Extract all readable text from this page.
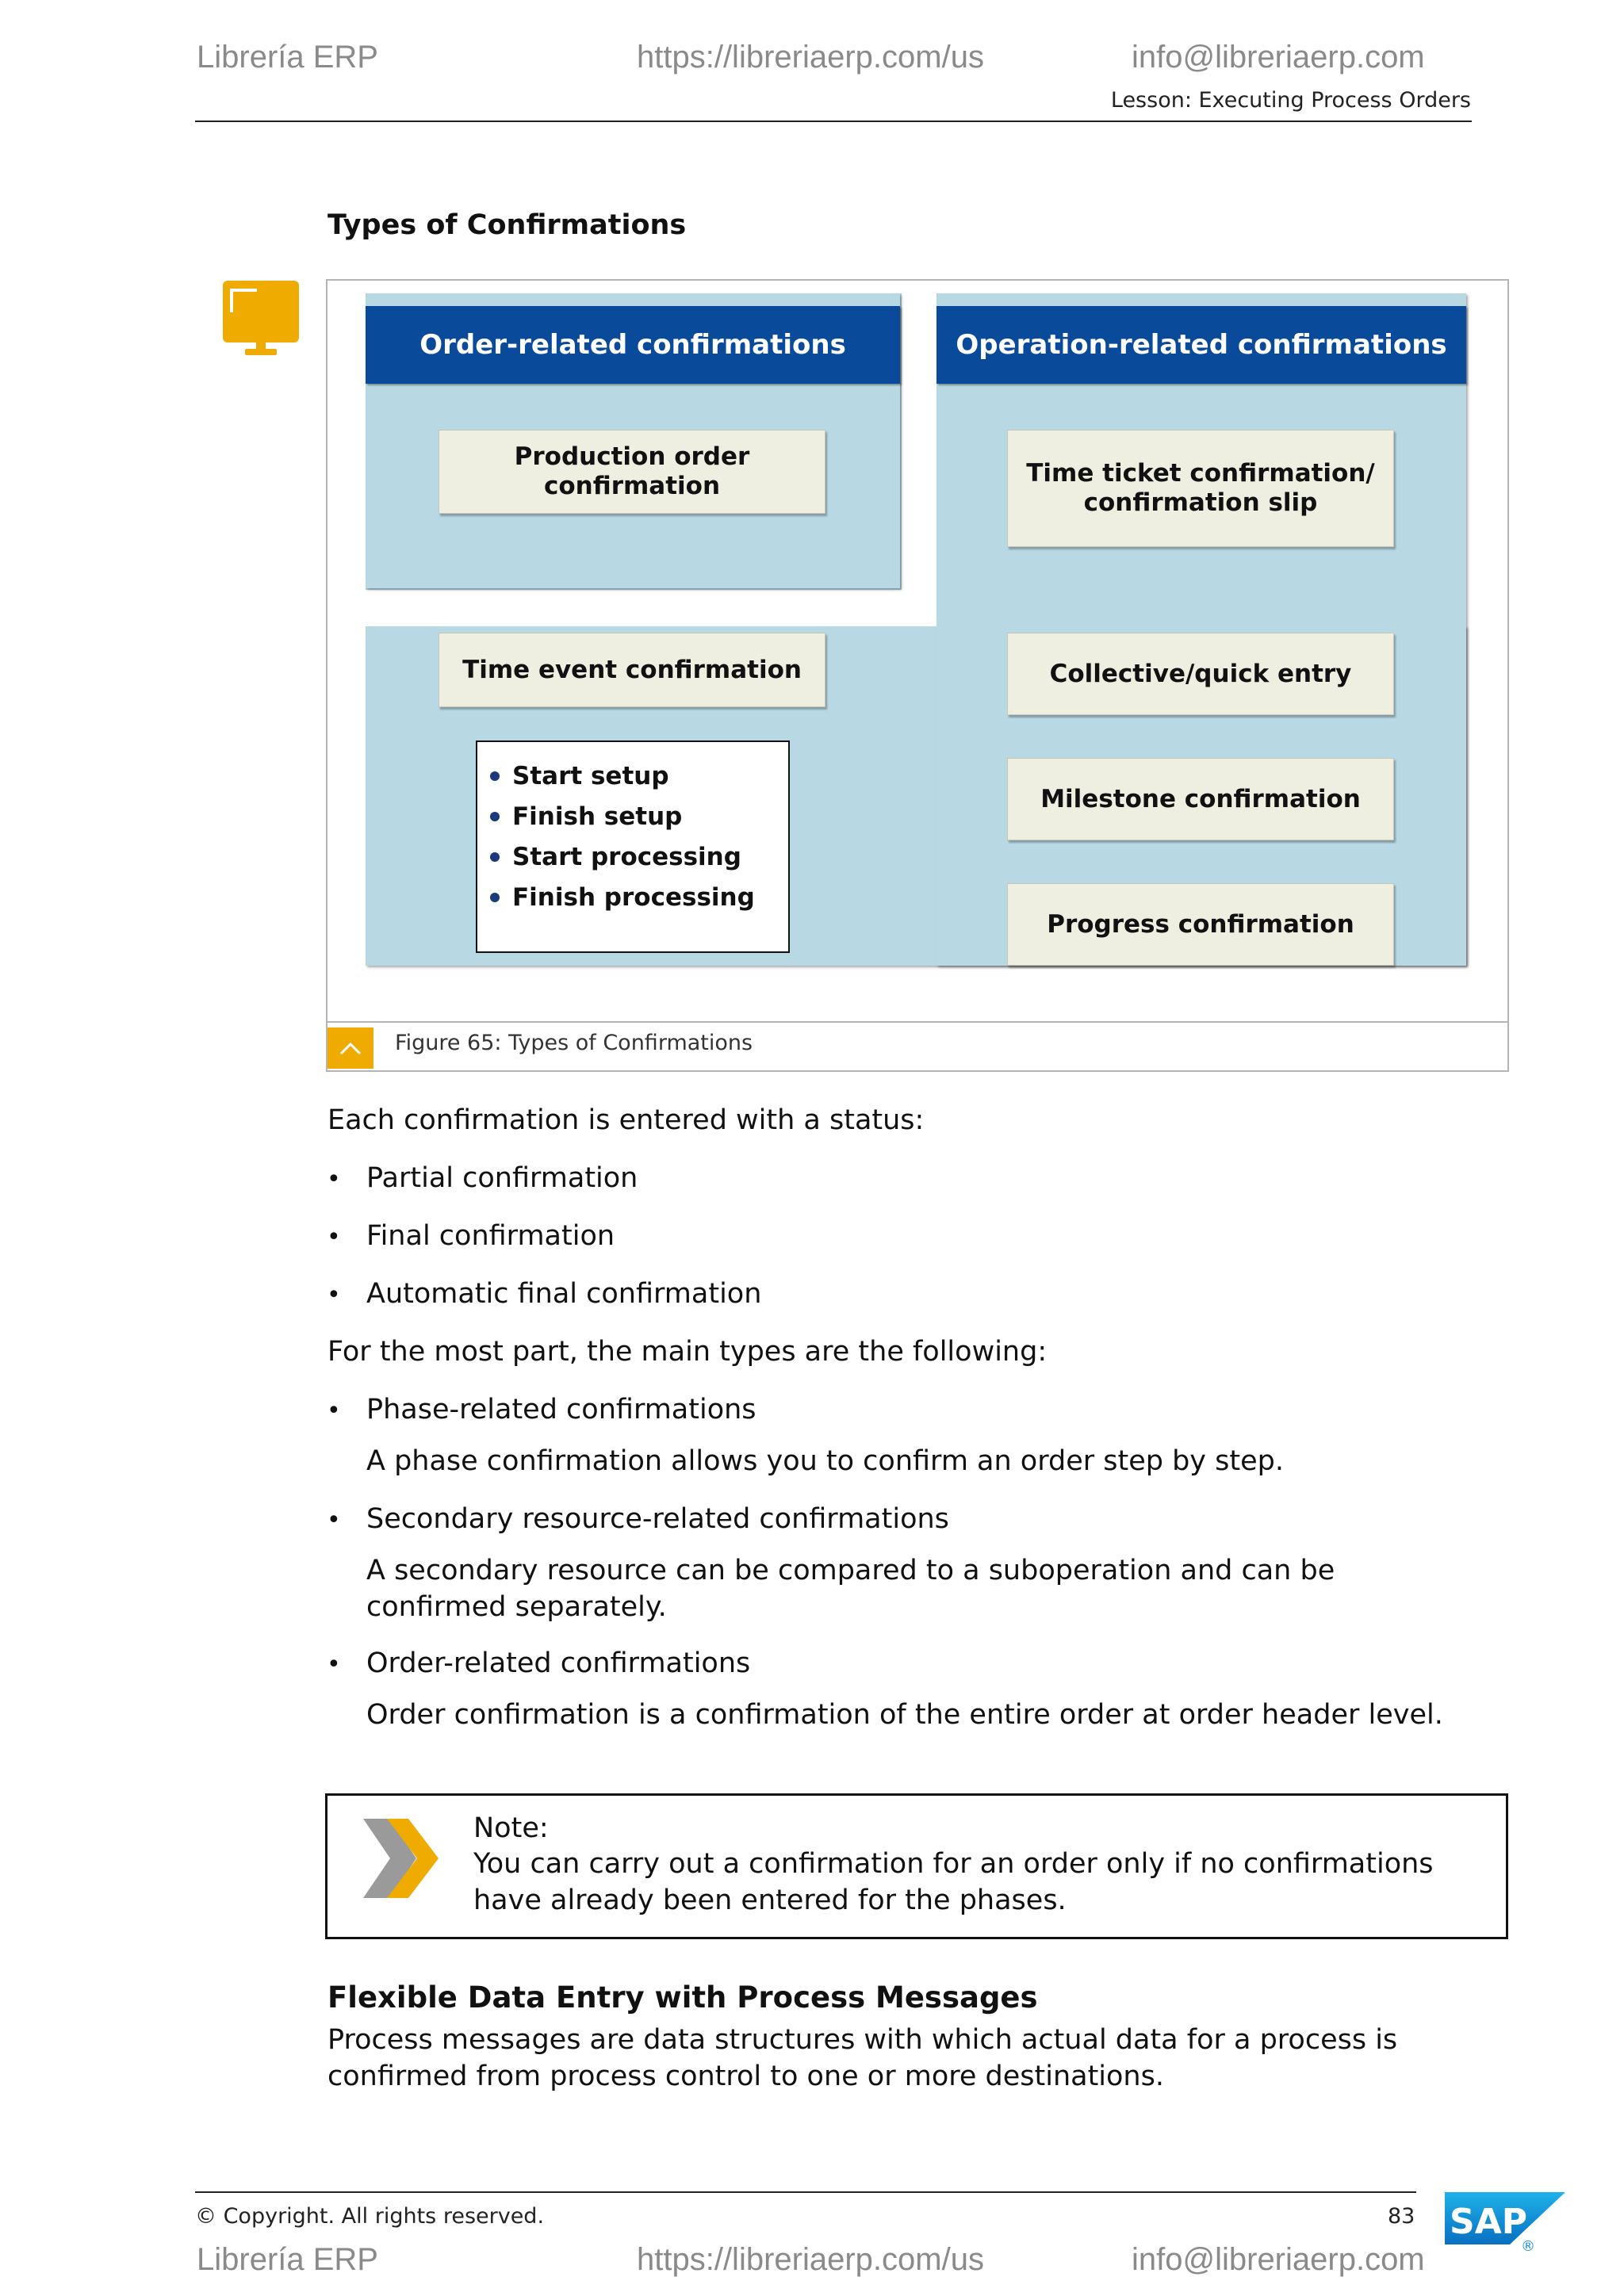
Librería ERP	https://libreriaerp.com/us	info@libreriaerp.com
Lesson: Executing Process Orders
Types of Confirmations
Order-related confirmations	Operation-related confirmations
Production order confirmation
Time event confirmation
Start setup
Finish setup
Start processing
Finish processing
Time ticket confirmation/ confirmation slip
Collective/quick entry
Milestone confirmation
Progress confirmation
Figure 65: Types of Confirmations
Each confirmation is entered with a status:
• Partial confirmation
• Final confirmation
• Automatic final confirmation
For the most part, the main types are the following:
• Phase-related confirmations
A phase confirmation allows you to confirm an order step by step.
• Secondary resource-related confirmations
A secondary resource can be compared to a suboperation and can be confirmed separately.
• Order-related confirmations
Order confirmation is a confirmation of the entire order at order header level.
Note:
You can carry out a confirmation for an order only if no confirmations have already been entered for the phases.
Flexible Data Entry with Process Messages
Process messages are data structures with which actual data for a process is confirmed from process control to one or more destinations.
© Copyright. All rights reserved.	83 SAP
®
Librería ERP	https://libreriaerp.com/us	info@libreriaerp.com
